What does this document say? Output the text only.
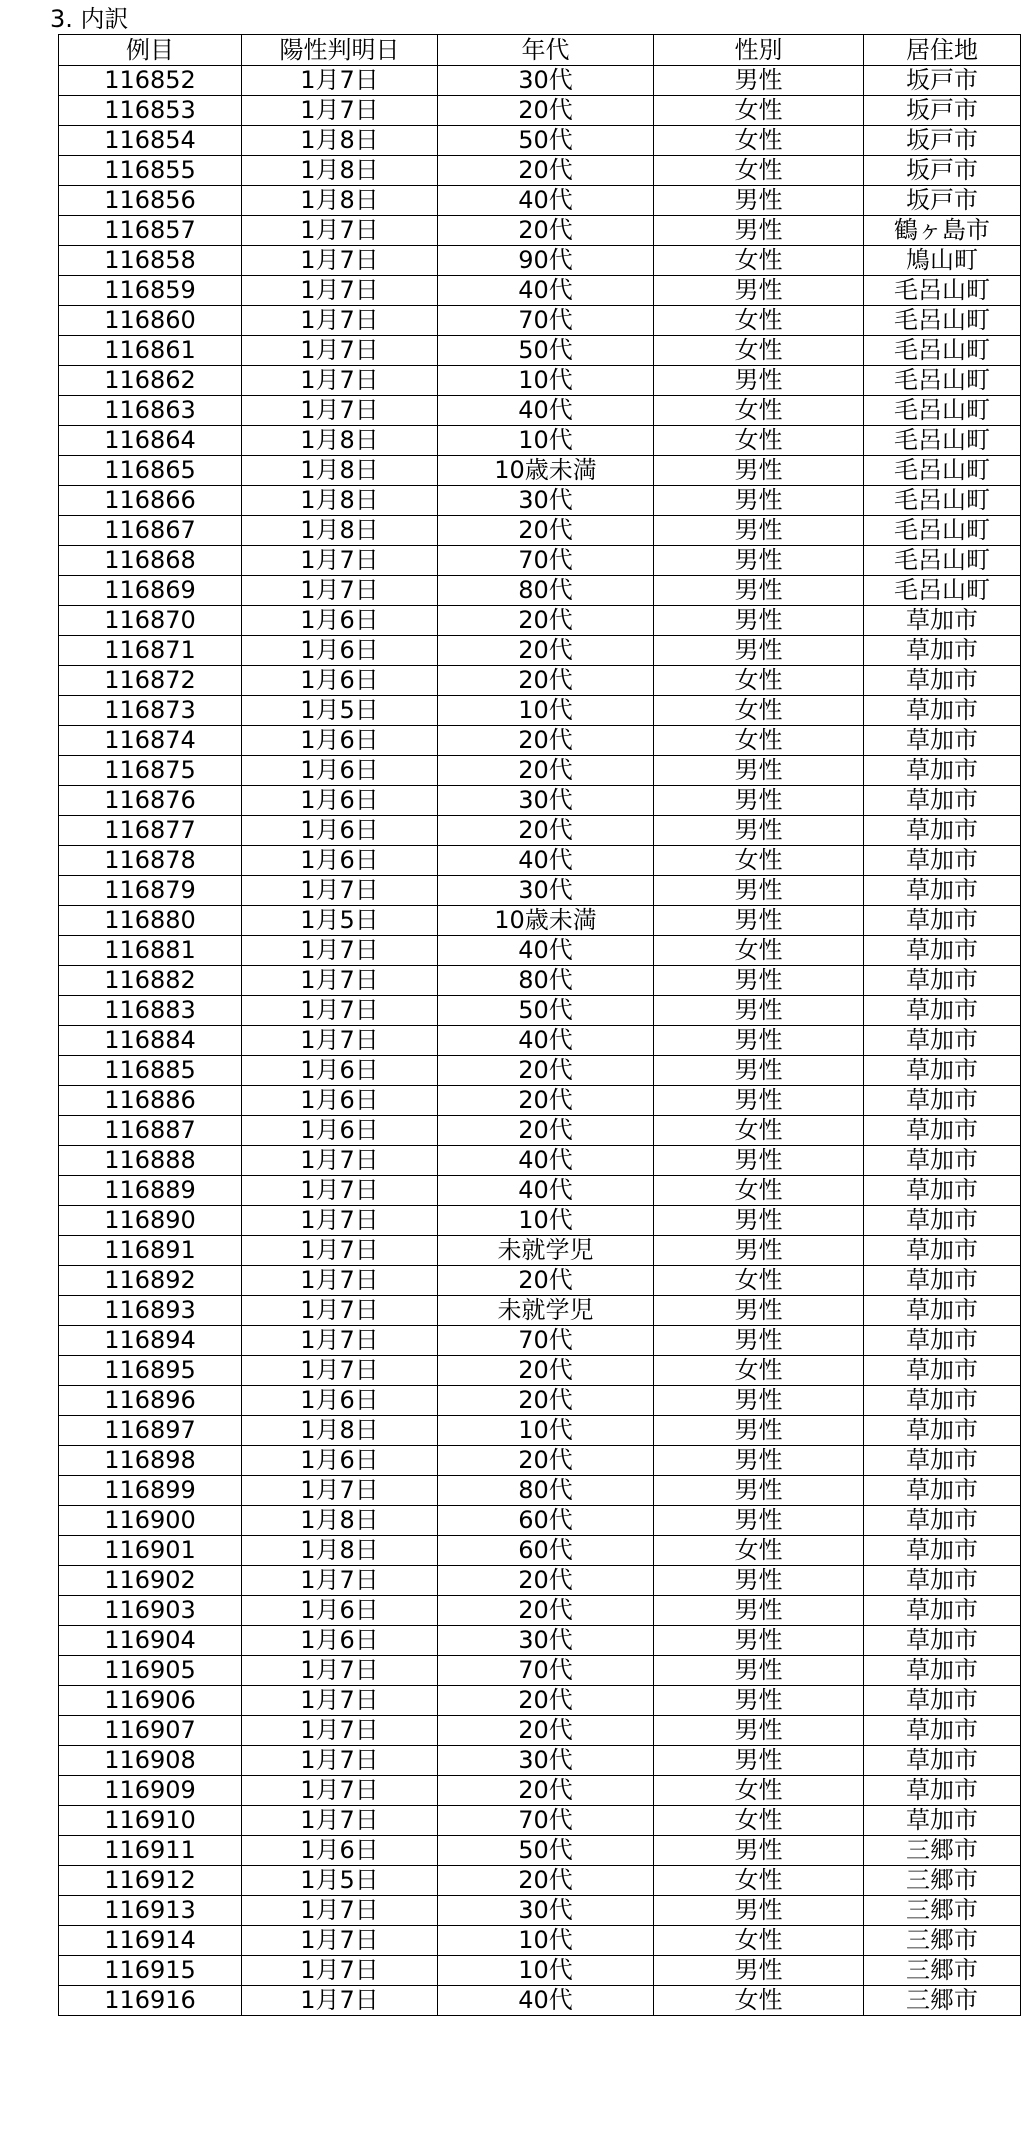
3. 内訳
例目	陽性判明日	年代	性別	居住地
116852	1月7日	30代	男性	坂戸市
116853	1月7日	20代	女性	坂戸市
116854	1月8日	50代	女性	坂戸市
116855	1月8日	20代	女性	坂戸市
116856	1月8日	40代	男性	坂戸市
116857	1月7日	20代	男性	鶴ヶ島市
116858	1月7日	90代	女性	鳩山町
116859	1月7日	40代	男性	毛呂山町
116860	1月7日	70代	女性	毛呂山町
116861	1月7日	50代	女性	毛呂山町
116862	1月7日	10代	男性	毛呂山町
116863	1月7日	40代	女性	毛呂山町
116864	1月8日	10代	女性	毛呂山町
116865	1月8日	10歳未満	男性	毛呂山町
116866	1月8日	30代	男性	毛呂山町
116867	1月8日	20代	男性	毛呂山町
116868	1月7日	70代	男性	毛呂山町
116869	1月7日	80代	男性	毛呂山町
116870	1月6日	20代	男性	草加市
116871	1月6日	20代	男性	草加市
116872	1月6日	20代	女性	草加市
116873	1月5日	10代	女性	草加市
116874	1月6日	20代	女性	草加市
116875	1月6日	20代	男性	草加市
116876	1月6日	30代	男性	草加市
116877	1月6日	20代	男性	草加市
116878	1月6日	40代	女性	草加市
116879	1月7日	30代	男性	草加市
116880	1月5日	10歳未満	男性	草加市
116881	1月7日	40代	女性	草加市
116882	1月7日	80代	男性	草加市
116883	1月7日	50代	男性	草加市
116884	1月7日	40代	男性	草加市
116885	1月6日	20代	男性	草加市
116886	1月6日	20代	男性	草加市
116887	1月6日	20代	女性	草加市
116888	1月7日	40代	男性	草加市
116889	1月7日	40代	女性	草加市
116890	1月7日	10代	男性	草加市
116891	1月7日	未就学児	男性	草加市
116892	1月7日	20代	女性	草加市
116893	1月7日	未就学児	男性	草加市
116894	1月7日	70代	男性	草加市
116895	1月7日	20代	女性	草加市
116896	1月6日	20代	男性	草加市
116897	1月8日	10代	男性	草加市
116898	1月6日	20代	男性	草加市
116899	1月7日	80代	男性	草加市
116900	1月8日	60代	男性	草加市
116901	1月8日	60代	女性	草加市
116902	1月7日	20代	男性	草加市
116903	1月6日	20代	男性	草加市
116904	1月6日	30代	男性	草加市
116905	1月7日	70代	男性	草加市
116906	1月7日	20代	男性	草加市
116907	1月7日	20代	男性	草加市
116908	1月7日	30代	男性	草加市
116909	1月7日	20代	女性	草加市
116910	1月7日	70代	女性	草加市
116911	1月6日	50代	男性	三郷市
116912	1月5日	20代	女性	三郷市
116913	1月7日	30代	男性	三郷市
116914	1月7日	10代	女性	三郷市
116915	1月7日	10代	男性	三郷市
116916	1月7日	40代	女性	三郷市
